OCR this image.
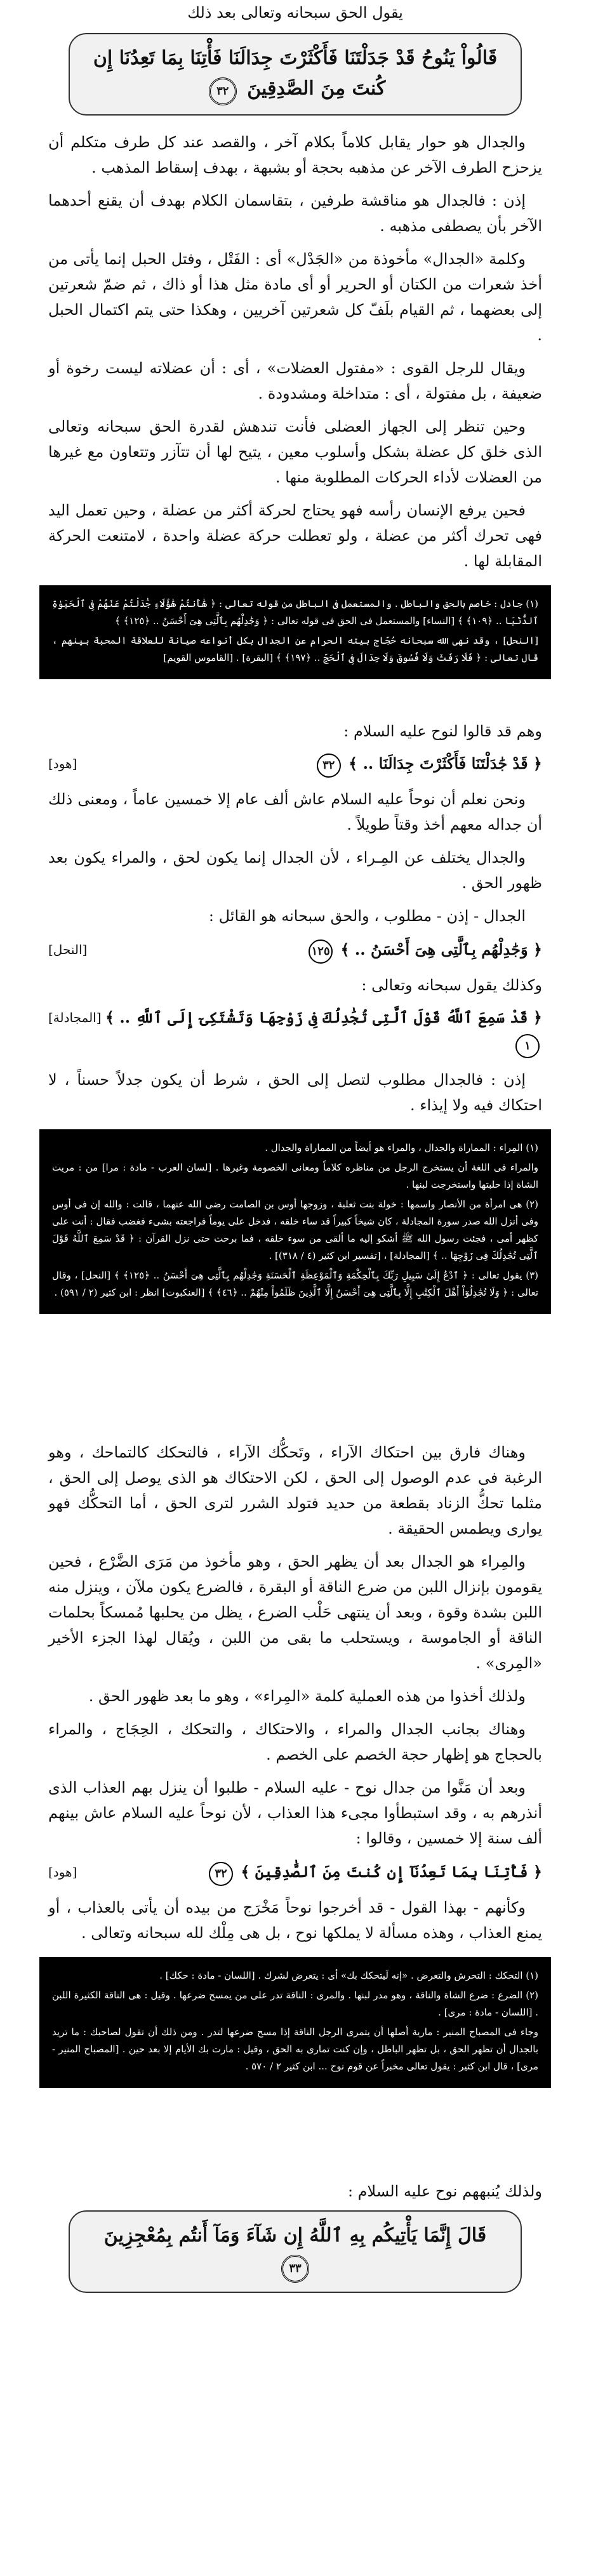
يقول الحق سبحانه وتعالى بعد ذلك
قَالُواْ يَنُوحُ قَدْ جَدَلْتَنَا فَأَكْثَرْتَ جِدَالَنَا فَأْتِنَا بِمَا تَعِدُنَا إِن كُنتَ مِنَ الصَّدِقِينَ ٣٢

والجدال هو حوار يقابل كلاماً بكلام آخر ، والقصد عند كل طرف متكلم أن يزحزح الطرف الآخر عن مذهبه بحجة أو بشبهة ، بهدف إسقاط المذهب .

إذن : فالجدال هو مناقشة طرفين ، بتقاسمان الكلام بهدف أن يقنع أحدهما الآخر بأن يصطفى مذهبه .

وكلمة «الجدال» مأخوذة من «الجَدْل» أى : الفَتْل ، وفتل الحبل إنما يأتى من أخذ شعرات من الكتان أو الحرير أو أى مادة مثل هذا أو ذاك ، ثم ضمّ شعرتين إلى بعضهما ، ثم القيام بلَفّ كل شعرتين آخريين ، وهكذا حتى يتم اكتمال الحبل .

ويقال للرجل القوى : «مفتول العضلات» ، أى : أن عضلاته ليست رخوة أو ضعيفة ، بل مفتولة ، أى : متداخلة ومشدودة .

وحين تنظر إلى الجهاز العضلى فأنت تندهش لقدرة الحق سبحانه وتعالى الذى خلق كل عضلة بشكل وأسلوب معين ، يتيح لها أن تتآزر وتتعاون مع غيرها من العضلات لأداء الحركات المطلوبة منها .

فحين يرفع الإنسان رأسه فهو يحتاج لحركة أكثر من عضلة ، وحين تعمل اليد فهى تحرك أكثر من عضلة ، ولو تعطلت حركة عضلة واحدة ، لامتنعت الحركة المقابلة لها .

(١) جادل : خاصم بالحق والباطل . والمستعمل فى الباطل من قوله تعالى : ﴿ هَٰأَنتُمْ هَٰؤُلَاءِ جَٰدَلْتُمْ عَنْهُمْ فِى ٱلْحَيَوٰةِ ٱلدُّنْيَا .. ﴿١٠٩﴾ ﴾ [النساء] والمستعمل فى الحق فى قوله تعالى : ﴿ وَجَٰدِلْهُم بِٱلَّتِى هِىَ أَحْسَنُ .. ﴿١٢٥﴾ ﴾

[النحل] ، وقد نهى الله سبحانه حُجّاج بيته الحرام عن الجدال بكل أنواعه صيانة للعلاقة المحبة بينهم ، قال تعالى : ﴿ فَلَا رَفَثَ وَلَا فُسُوقَ وَلَا جِدَالَ فِى ٱلْحَجِّ .. ﴿١٩٧﴾ ﴾ [البقرة] . [القاموس القويم]

وهم قد قالوا لنوح عليه السلام :
﴿ قَدْ جَٰدَلْتَنَا فَأَكْثَرْتَ جِدَالَنَا .. ﴾ ٣٢
[هود]

ونحن نعلم أن نوحاً عليه السلام عاش ألف عام إلا خمسين عاماً ، ومعنى ذلك أن جداله معهم أخذ وقتاً طويلاً .

والجدال يختلف عن المِـراء ، لأن الجدال إنما يكون لحق ، والمراء يكون بعد ظهور الحق .

الجدال - إذن - مطلوب ، والحق سبحانه هو القائل :

﴿ وَجَٰدِلْهُم بِٱلَّتِى هِىَ أَحْسَنُ .. ﴾ ١٢٥
[النحل]
وكذلك يقول سبحانه وتعالى :
﴿ قَدْ سَمِعَ ٱللَّهُ قَوْلَ ٱلَّتِى تُجَٰدِلُكَ فِى زَوْجِهَا وَتَشْتَكِىٓ إِلَى ٱللَّهِ .. ﴾ ١
[المجادلة]

إذن : فالجدال مطلوب لتصل إلى الحق ، شرط أن يكون جدلاً حسناً ، لا احتكاك فيه ولا إيذاء .

(١) المِراء : المماراة والجدال ، والمراء هو أيضاً من المماراة والجدال .

والمراء فى اللغة أن يستخرج الرجل من مناظره كلاماً ومعانى الخصومة وغيرها . [لسان العرب - مادة : مرا] من : مريت الشاة إذا حلبتها واستخرجت لبنها .

(٢) هى امرأة من الأنصار واسمها : خولة بنت ثعلبة ، وزوجها أوس بن الصامت رضى الله عنهما ، قالت : والله إن فى أوس وفى أنزل الله صدر سورة المجادلة ، كان شيخاً كبيراً قد ساء خلقه ، فدخل على يوماً فراجعته بشىء فغضب فقال : أنت على كظهر أمى ، فجئت رسول الله ﷺ أشكو إليه ما ألقى من سوء خلقه ، فما برحت حتى نزل القرآن : ﴿ قَدْ سَمِعَ ٱللَّهُ قَوْلَ ٱلَّتِى تُجَٰدِلُكَ فِى زَوْجِهَا .. ﴾ [المجادلة] ، [تفسير ابن كثير (٤ / ٣١٨)] .

(٣) يقول تعالى : ﴿ ٱدْعُ إِلَىٰ سَبِيلِ رَبِّكَ بِٱلْحِكْمَةِ وَٱلْمَوْعِظَةِ ٱلْحَسَنَةِ وَجَٰدِلْهُم بِٱلَّتِى هِىَ أَحْسَنُ .. ﴿١٢٥﴾ ﴾ [النحل] ، وقال تعالى : ﴿ وَلَا تُجَٰدِلُوٓاْ أَهْلَ ٱلْكِتَٰبِ إِلَّا بِٱلَّتِى هِىَ أَحْسَنُ إِلَّا ٱلَّذِينَ ظَلَمُواْ مِنْهُمْ .. ﴿٤٦﴾ ﴾ [العنكبوت] انظر : ابن كثير (٢ / ٥٩١) .

وهناك فارق بين احتكاك الآراء ، وتَحكُّك الآراء ، فالتحكك كالتماحك ، وهو الرغبة فى عدم الوصول إلى الحق ، لكن الاحتكاك هو الذى يوصل إلى الحق ، مثلما تحكُّ الزناد بقطعة من حديد فتولد الشرر لترى الحق ، أما التحكُّك فهو يوارى ويطمس الحقيقة .

والمِراء هو الجدال بعد أن يظهر الحق ، وهو مأخوذ من مَرَى الضَّرْع ، فحين يقومون بإنزال اللبن من ضرع الناقة أو البقرة ، فالضرع يكون ملآن ، وينزل منه اللبن بشدة وقوة ، وبعد أن ينتهى حَلْب الضرع ، يظل من يحلبها مُمسكاً بحلمات الناقة أو الجاموسة ، ويستحلب ما بقى من اللبن ، ويُقال لهذا الجزء الأخير «المِرى» .

ولذلك أخذوا من هذه العملية كلمة «المِراء» ، وهو ما بعد ظهور الحق .

وهناك بجانب الجدال والمراء ، والاحتكاك ، والتحكك ، الحِجَاج ، والمراء بالحجاج هو إظهار حجة الخصم على الخصم .

وبعد أن مَنَّوا من جدال نوح - عليه السلام - طلبوا أن ينزل بهم العذاب الذى أنذرهم به ، وقد استبطأوا مجىء هذا العذاب ، لأن نوحاً عليه السلام عاش بينهم ألف سنة إلا خمسين ، وقالوا :

﴿ فَأْتِنَا بِمَا تَعِدُنَآ إِن كُنتَ مِنَ ٱلصَّٰدِقِينَ ﴾ ٣٢
[هود]

وكأنهم - بهذا القول - قد أخرجوا نوحاً مَخْرَج من بيده أن يأتى بالعذاب ، أو يمنع العذاب ، وهذه مسألة لا يملكها نوح ، بل هى مِلْك لله سبحانه وتعالى .

(١) التحكك : التحرش والتعرض . «إنه لَيتحكك بك» أى : يتعرض لشرك . [اللسان - مادة : حكك] .

(٢) الضرع : ضرع الشاة والناقة ، وهو مدر لبنها . والمرى : الناقة تدر على من يمسح ضرعها . وقيل : هى الناقة الكثيرة اللبن . [اللسان - مادة : مرى] .

وجاء فى المصباح المنير : مارية أصلها أن يتمرى الرجل الناقة إذا مسح ضرعها لتدر . ومن ذلك أن تقول لصاحبك : ما تريد بالجدال أن تظهر الحق ، بل تظهر الباطل ، وإن كنت تمارى به الحق ، وقيل : مارت بك الأيام إلا بعد حين . [المصباح المنير - مرى] ، قال ابن كثير : يقول تعالى مخبراً عن قوم نوح ... ابن كثير ٢ / ٥٧٠ .

ولذلك يُنبههم نوح عليه السلام :
قَالَ إِنَّمَا يَأْتِيكُم بِهِ ٱللَّهُ إِن شَآءَ وَمَآ أَنتُم بِمُعْجِزِينَ ٣٣
